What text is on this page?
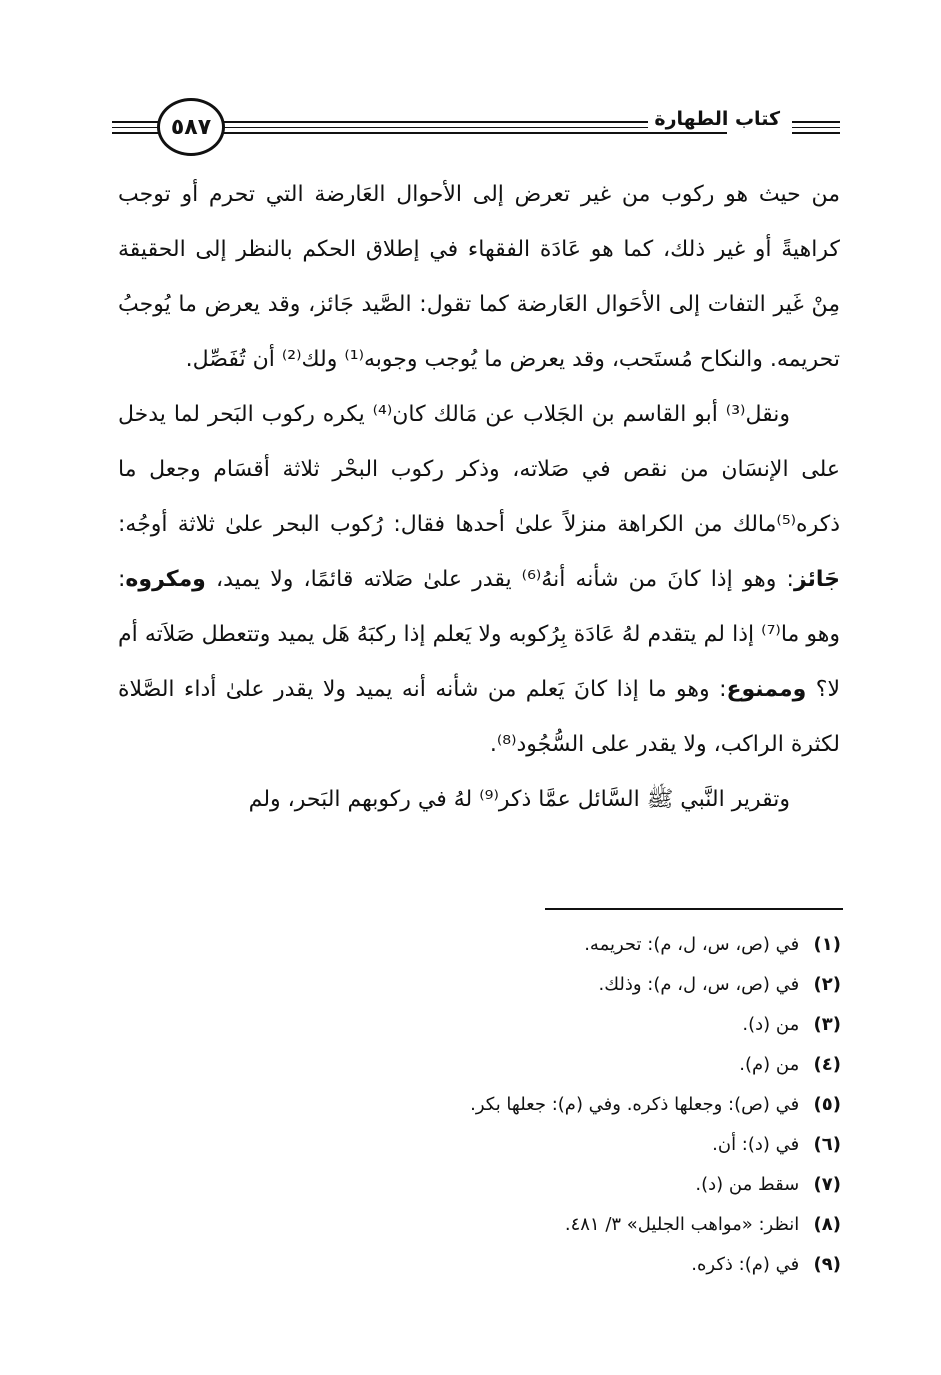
٥٨٧	كتاب الطهارة

من حيث هو ركوب من غير تعرض إلى الأحوال العَارضة التي تحرم أو توجب كراهيةً أو غير ذلك، كما هو عَادَة الفقهاء في إطلاق الحكم بالنظر إلى الحقيقة مِنْ غَير التفات إلى الأحَوال العَارضة كما تقول: الصَّيد جَائز، وقد يعرض ما يُوجبُ تحريمه. والنكاح مُستَحب، وقد يعرض ما يُوجب وجوبه⁽¹⁾ ولك⁽²⁾ أن تُفَصِّل.

ونقل⁽³⁾ أبو القاسم بن الجَلاب عن مَالك كان⁽⁴⁾ يكره ركوب البَحر لما يدخل على الإنسَان من نقص في صَلاته، وذكر ركوب البحْر ثلاثة أقسَام وجعل ما ذكره⁽⁵⁾مالك من الكراهة منزلاً علىٰ أحدها فقال: رُكوب البحر علىٰ ثلاثة أوجُه: جَائز: وهو إذا كانَ من شأنه أنهُ⁽⁶⁾ يقدر علىٰ صَلاته قائمًا، ولا يميد، ومكروه: وهو ما⁽⁷⁾ إذا لم يتقدم لهُ عَادَة بِرُكوبه ولا يَعلم إذا ركبَهُ هَل يميد وتتعطل صَلاَته أم لا؟ وممنوع: وهو ما إذا كانَ يَعلم من شأنه أنه يميد ولا يقدر علىٰ أداء الصَّلاة لكثرة الراكب، ولا يقدر على السُّجُود⁽⁸⁾.

وتقرير النَّبي ﷺ السَّائل عمَّا ذكر⁽⁹⁾ لهُ في ركوبهم البَحر، ولم

(١) في (ص، س، ل، م): تحريمه.
(٢) في (ص، س، ل، م): وذلك.
(٣) من (د).
(٤) من (م).
(٥) في (ص): وجعلها ذكره. وفي (م): جعلها بكر.
(٦) في (د): أن.
(٧) سقط من (د).
(٨) انظر: «مواهب الجليل» ٣/ ٤٨١.
(٩) في (م): ذكره.
